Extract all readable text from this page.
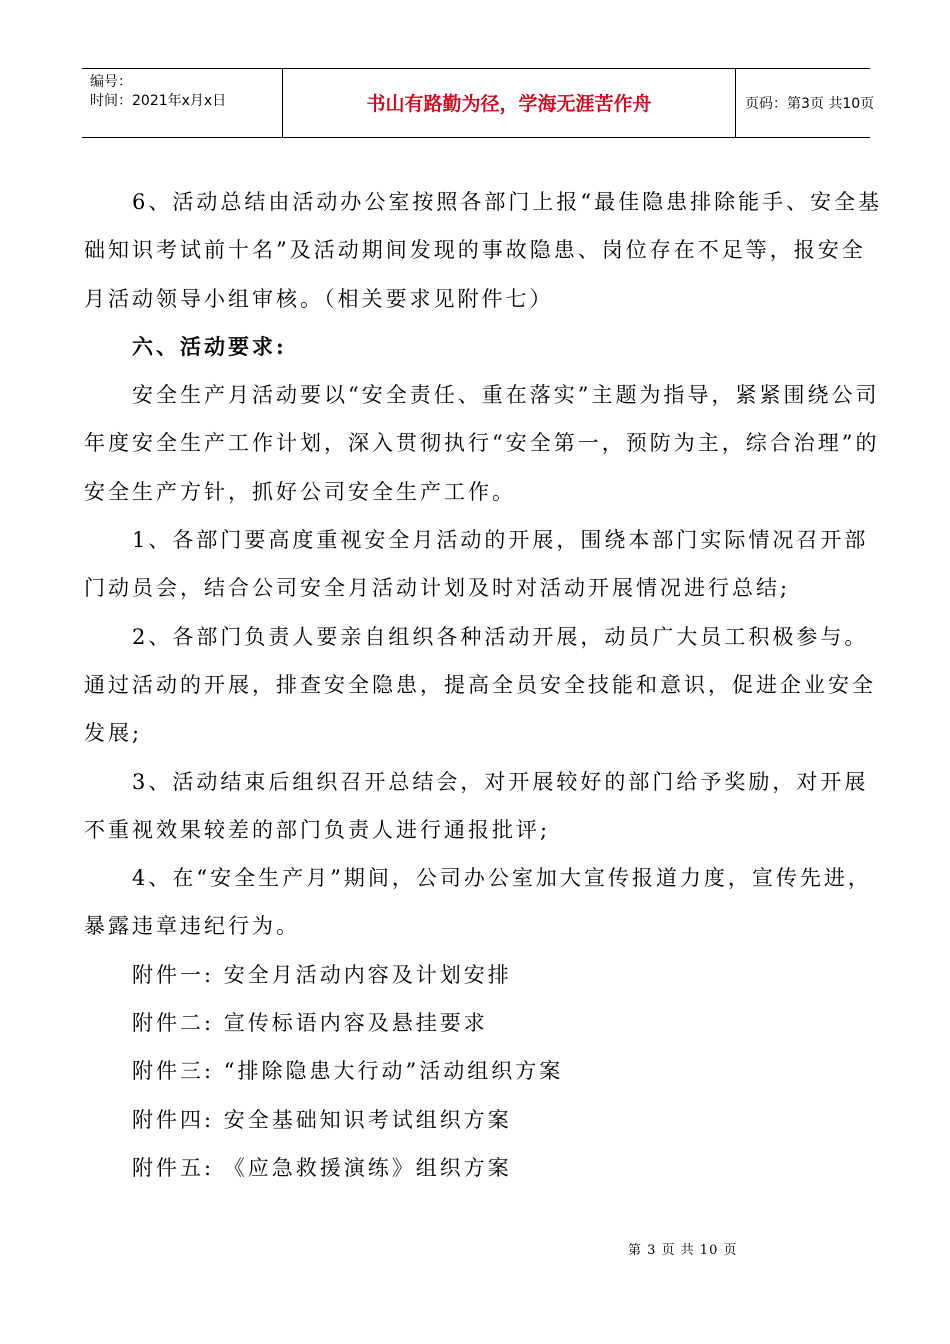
编号：
时间：2021年x月x日	书山有路勤为径，学海无涯苦作舟	页码：第3页 共10页

6、活动总结由活动办公室按照各部门上报“最佳隐患排除能手、安全基础知识考试前十名”及活动期间发现的事故隐患、岗位存在不足等，报安全月活动领导小组审核。（相关要求见附件七）

六、活动要求:

安全生产月活动要以“安全责任、重在落实”主题为指导，紧紧围绕公司年度安全生产工作计划，深入贯彻执行“安全第一，预防为主，综合治理”的安全生产方针，抓好公司安全生产工作。

1、各部门要高度重视安全月活动的开展，围绕本部门实际情况召开部门动员会，结合公司安全月活动计划及时对活动开展情况进行总结;

2、各部门负责人要亲自组织各种活动开展，动员广大员工积极参与。通过活动的开展，排查安全隐患，提高全员安全技能和意识，促进企业安全发展;

3、活动结束后组织召开总结会，对开展较好的部门给予奖励，对开展不重视效果较差的部门负责人进行通报批评;

4、在“安全生产月”期间，公司办公室加大宣传报道力度，宣传先进，暴露违章违纪行为。

附件一: 安全月活动内容及计划安排

附件二: 宣传标语内容及悬挂要求

附件三: “排除隐患大行动”活动组织方案

附件四: 安全基础知识考试组织方案

附件五: 《应急救援演练》组织方案

第 3 页 共 10 页
